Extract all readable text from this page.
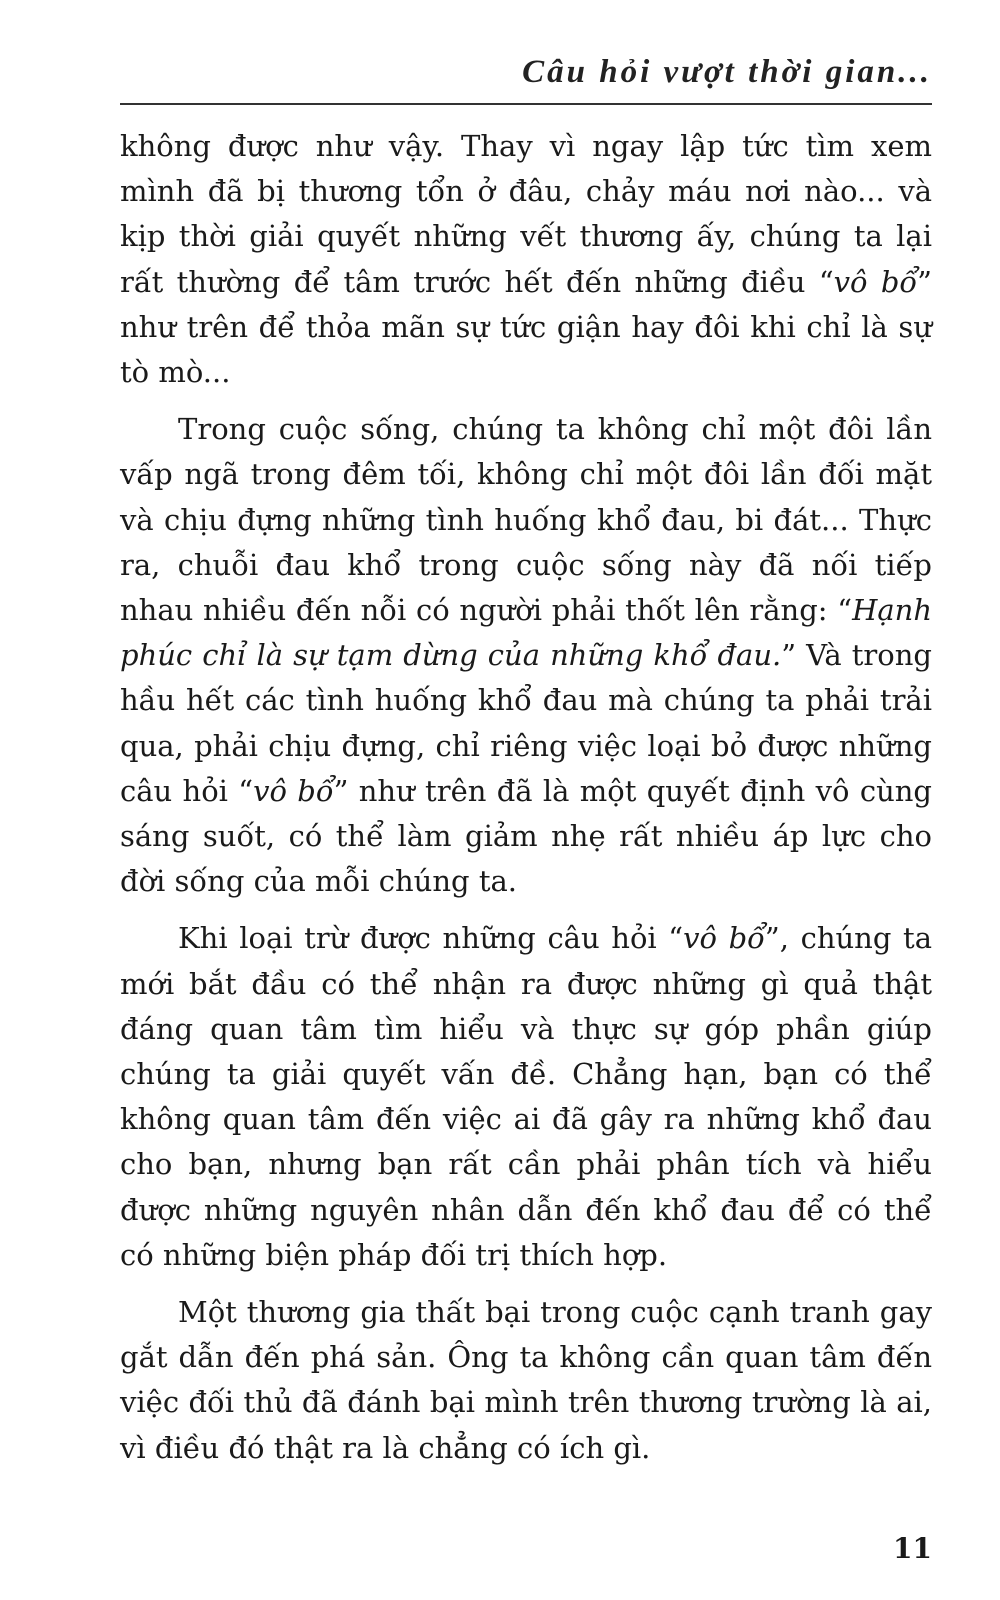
Câu hỏi vượt thời gian...

không được như vậy. Thay vì ngay lập tức tìm xem mình đã bị thương tổn ở đâu, chảy máu nơi nào... và kịp thời giải quyết những vết thương ấy, chúng ta lại rất thường để tâm trước hết đến những điều “vô bổ” như trên để thỏa mãn sự tức giận hay đôi khi chỉ là sự tò mò...

Trong cuộc sống, chúng ta không chỉ một đôi lần vấp ngã trong đêm tối, không chỉ một đôi lần đối mặt và chịu đựng những tình huống khổ đau, bi đát... Thực ra, chuỗi đau khổ trong cuộc sống này đã nối tiếp nhau nhiều đến nỗi có người phải thốt lên rằng: “Hạnh phúc chỉ là sự tạm dừng của những khổ đau.” Và trong hầu hết các tình huống khổ đau mà chúng ta phải trải qua, phải chịu đựng, chỉ riêng việc loại bỏ được những câu hỏi “vô bổ” như trên đã là một quyết định vô cùng sáng suốt, có thể làm giảm nhẹ rất nhiều áp lực cho đời sống của mỗi chúng ta.

Khi loại trừ được những câu hỏi “vô bổ”, chúng ta mới bắt đầu có thể nhận ra được những gì quả thật đáng quan tâm tìm hiểu và thực sự góp phần giúp chúng ta giải quyết vấn đề. Chẳng hạn, bạn có thể không quan tâm đến việc ai đã gây ra những khổ đau cho bạn, nhưng bạn rất cần phải phân tích và hiểu được những nguyên nhân dẫn đến khổ đau để có thể có những biện pháp đối trị thích hợp.

Một thương gia thất bại trong cuộc cạnh tranh gay gắt dẫn đến phá sản. Ông ta không cần quan tâm đến việc đối thủ đã đánh bại mình trên thương trường là ai, vì điều đó thật ra là chẳng có ích gì.

11
